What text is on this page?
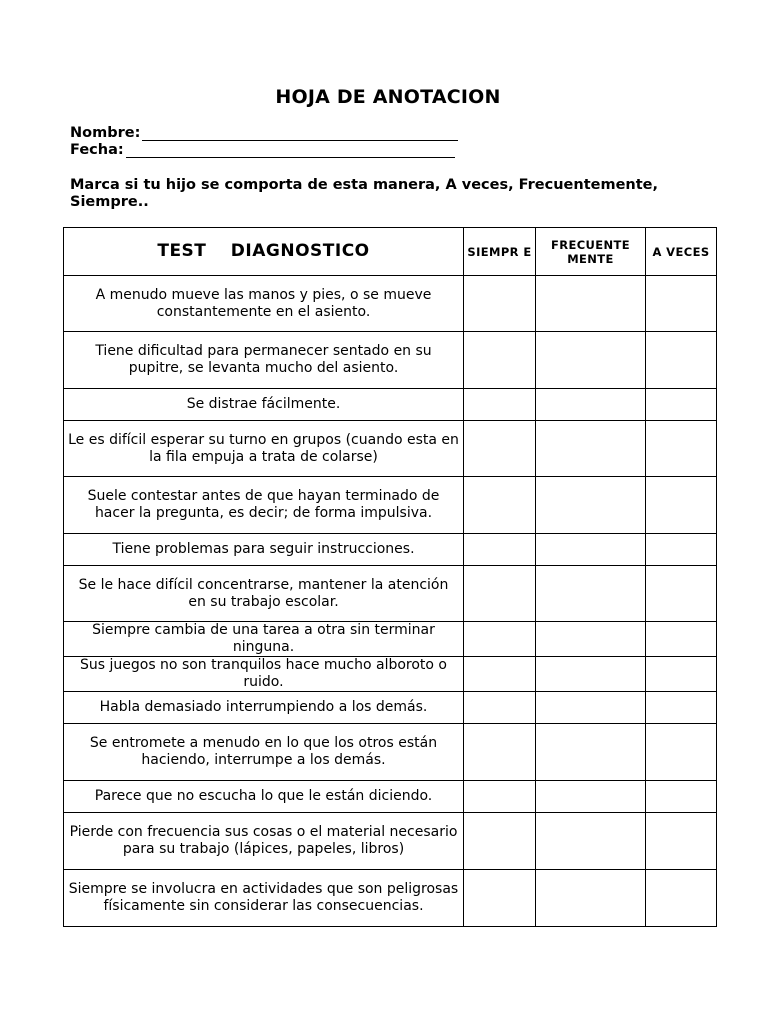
HOJA DE ANOTACION
Nombre:
Fecha:
Marca si tu hijo se comporta de esta manera, A veces, Frecuentemente, Siempre..
TEST DIAGNOSTICO	SIEMPR E	FRECUENTE MENTE	A VECES
A menudo mueve las manos y pies, o se mueve constantemente en el asiento.			
Tiene dificultad para permanecer sentado en su pupitre, se levanta mucho del asiento.			
Se distrae fácilmente.			
Le es difícil esperar su turno en grupos (cuando esta en la fila empuja a trata de colarse)			
Suele contestar antes de que hayan terminado de hacer la pregunta, es decir; de forma impulsiva.			
Tiene problemas para seguir instrucciones.			
Se le hace difícil concentrarse, mantener la atención en su trabajo escolar.			
Siempre cambia de una tarea a otra sin terminar ninguna.			
Sus juegos no son tranquilos hace mucho alboroto o ruido.			
Habla demasiado interrumpiendo a los demás.			
Se entromete a menudo en lo que los otros están haciendo, interrumpe a los demás.			
Parece que no escucha lo que le están diciendo.			
Pierde con frecuencia sus cosas o el material necesario para su trabajo (lápices, papeles, libros)			
Siempre se involucra en actividades que son peligrosas físicamente sin considerar las consecuencias.			
